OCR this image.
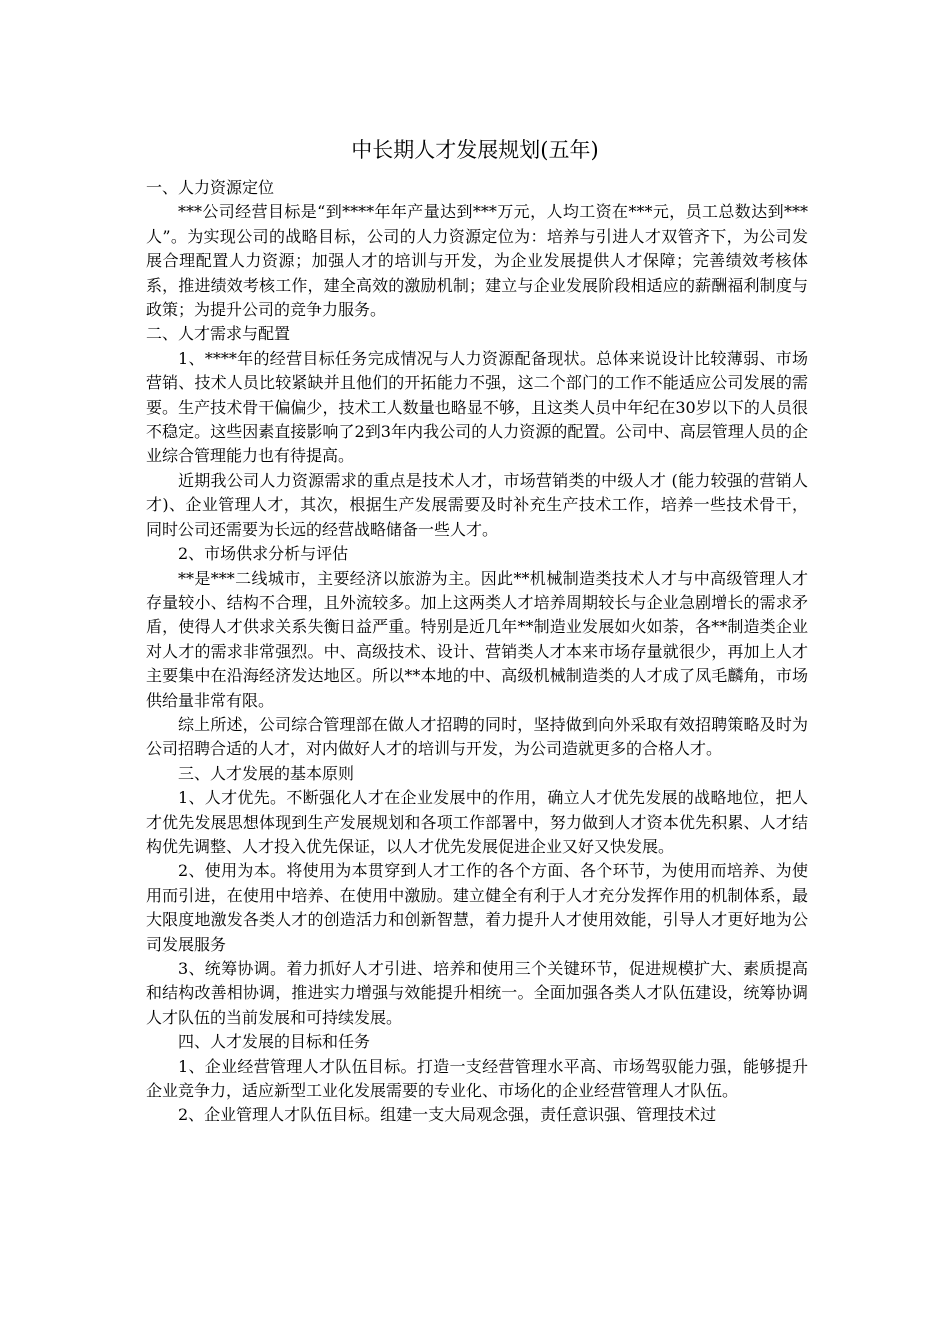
中长期人才发展规划(五年)

一、人力资源定位

***公司经营目标是“到****年年产量达到***万元，人均工资在***元，员工总数达到***人”。为实现公司的战略目标，公司的人力资源定位为：培养与引进人才双管齐下，为公司发展合理配置人力资源；加强人才的培训与开发，为企业发展提供人才保障；完善绩效考核体系，推进绩效考核工作，建全高效的激励机制；建立与企业发展阶段相适应的薪酬福利制度与政策；为提升公司的竞争力服务。

二、人才需求与配置

1、****年的经营目标任务完成情况与人力资源配备现状。总体来说设计比较薄弱、市场营销、技术人员比较紧缺并且他们的开拓能力不强，这二个部门的工作不能适应公司发展的需要。生产技术骨干偏偏少，技术工人数量也略显不够，且这类人员中年纪在30岁以下的人员很不稳定。这些因素直接影响了2到3年内我公司的人力资源的配置。公司中、高层管理人员的企业综合管理能力也有待提高。

近期我公司人力资源需求的重点是技术人才，市场营销类的中级人才 (能力较强的营销人才)、企业管理人才，其次，根据生产发展需要及时补充生产技术工作，培养一些技术骨干，同时公司还需要为长远的经营战略储备一些人才。

2、市场供求分析与评估

**是***二线城市，主要经济以旅游为主。因此**机械制造类技术人才与中高级管理人才存量较小、结构不合理，且外流较多。加上这两类人才培养周期较长与企业急剧增长的需求矛盾，使得人才供求关系失衡日益严重。特别是近几年**制造业发展如火如荼，各**制造类企业对人才的需求非常强烈。中、高级技术、设计、营销类人才本来市场存量就很少，再加上人才主要集中在沿海经济发达地区。所以**本地的中、高级机械制造类的人才成了凤毛麟角，市场供给量非常有限。

综上所述，公司综合管理部在做人才招聘的同时，坚持做到向外采取有效招聘策略及时为公司招聘合适的人才，对内做好人才的培训与开发，为公司造就更多的合格人才。

三、人才发展的基本原则

1、人才优先。不断强化人才在企业发展中的作用，确立人才优先发展的战略地位，把人才优先发展思想体现到生产发展规划和各项工作部署中，努力做到人才资本优先积累、人才结构优先调整、人才投入优先保证，以人才优先发展促进企业又好又快发展。

2、使用为本。将使用为本贯穿到人才工作的各个方面、各个环节，为使用而培养、为使用而引进，在使用中培养、在使用中激励。建立健全有利于人才充分发挥作用的机制体系，最大限度地激发各类人才的创造活力和创新智慧，着力提升人才使用效能，引导人才更好地为公司发展服务

3、统筹协调。着力抓好人才引进、培养和使用三个关键环节，促进规模扩大、素质提高和结构改善相协调，推进实力增强与效能提升相统一。全面加强各类人才队伍建设，统筹协调人才队伍的当前发展和可持续发展。

四、人才发展的目标和任务

1、企业经营管理人才队伍目标。打造一支经营管理水平高、市场驾驭能力强，能够提升企业竞争力，适应新型工业化发展需要的专业化、市场化的企业经营管理人才队伍。

2、企业管理人才队伍目标。组建一支大局观念强，责任意识强、管理技术过
